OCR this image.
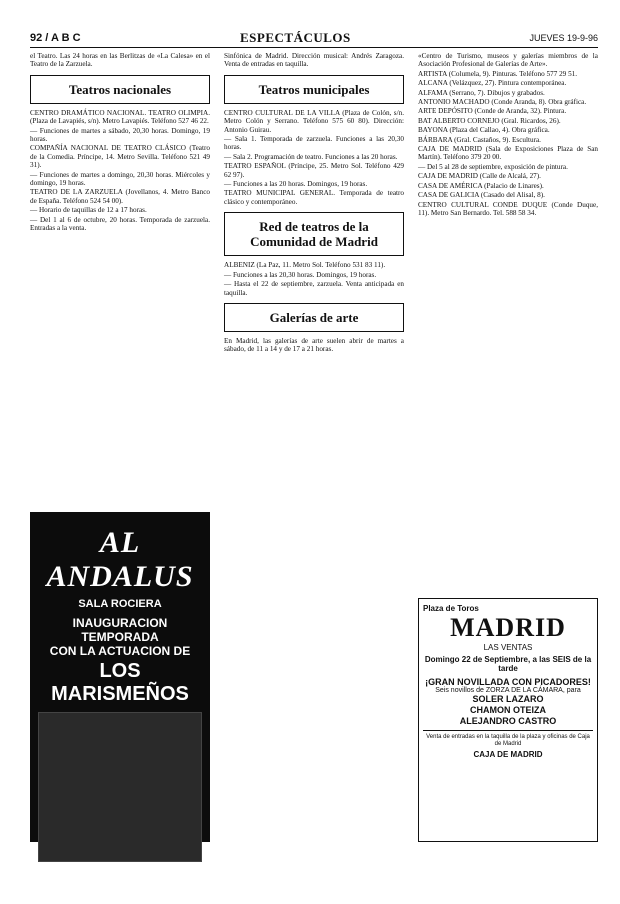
92 / A B C	ESPECTÁCULOS	JUEVES 19-9-96
el Teatro. Las 24 horas en las Berlitzas de «La Calesa» en el Teatro de la Zarzuela.
Teatros nacionales
CENTRO DRAMÁTICO NACIONAL. TEATRO OLIMPIA. (Plaza de Lavapiés, s/n). Metro Lavapiés. Teléfono 527 46 22.
— Funciones de martes a sábado, 20,30 horas. Domingo, 19 horas.
COMPAÑÍA NACIONAL DE TEATRO CLÁSICO (Teatro de la Comedia. Príncipe, 14. Metro Sevilla. Teléfono 521 49 31).
— Funciones de martes a domingo, 20,30 horas. Miércoles y domingo, 19 horas.
TEATRO DE LA ZARZUELA (Jovellanos, 4. Metro Banco de España. Teléfono 524 54 00).
— Horario de taquillas de 12 a 17 horas.
— Del 1 al 6 de octubre, 20 horas. Temporada de zarzuela. Entradas a la venta.
AL ANDALUS
SALA ROCIERA
INAUGURACION TEMPORADA
CON LA ACTUACION DE
LOS MARISMEÑOS
CAPITAN HAYA, 19
RESERVA DE MESAS ☎ 556 14 39
Sinfónica de Madrid. Dirección musical: Andrés Zaragoza. Venta de entradas en taquilla.
Teatros municipales
CENTRO CULTURAL DE LA VILLA (Plaza de Colón, s/n. Metro Colón y Serrano. Teléfono 575 60 80). Dirección: Antonio Guirau.
— Sala 1. Temporada de zarzuela. Funciones a las 20,30 horas.
— Sala 2. Programación de teatro. Funciones a las 20 horas.
TEATRO ESPAÑOL (Príncipe, 25. Metro Sol. Teléfono 429 62 97).
— Funciones a las 20 horas. Domingos, 19 horas.
TEATRO MUNICIPAL GENERAL. Temporada de teatro clásico y contemporáneo.
Red de teatros de la Comunidad de Madrid
ALBENIZ (La Paz, 11. Metro Sol. Teléfono 531 83 11).
— Funciones a las 20,30 horas. Domingos, 19 horas.
— Hasta el 22 de septiembre, zarzuela. Venta anticipada en taquilla.
Galerías de arte
En Madrid, las galerías de arte suelen abrir de martes a sábado, de 11 a 14 y de 17 a 21 horas.
«Centro de Turismo, museos y galerías miembros de la Asociación Profesional de Galerías de Arte».
ARTISTA (Columela, 9). Pinturas. Teléfono 577 29 51.
ALCANA (Velázquez, 27). Pintura contemporánea.
ALFAMA (Serrano, 7). Dibujos y grabados.
ANTONIO MACHADO (Conde Aranda, 8). Obra gráfica.
ARTE DEPÓSITO (Conde de Aranda, 32). Pintura.
BAT ALBERTO CORNEJO (Gral. Ricardos, 26).
BAYONA (Plaza del Callao, 4). Obra gráfica.
BÁRBARA (Gral. Castaños, 9). Escultura.
CAJA DE MADRID (Sala de Exposiciones Plaza de San Martín). Teléfono 379 20 00.
— Del 5 al 28 de septiembre, exposición de pintura.
CAJA DE MADRID (Calle de Alcalá, 27).
CASA DE AMÉRICA (Palacio de Linares).
CASA DE GALICIA (Casado del Alisal, 8).
CENTRO CULTURAL CONDE DUQUE (Conde Duque, 11). Metro San Bernardo. Tel. 588 58 34.
Plaza de Toros
MADRID
LAS VENTAS
Domingo 22 de Septiembre, a las SEIS de la tarde
¡GRAN NOVILLADA CON PICADORES!
Seis novillos de ZORZA DE LA CÁMARA, para
SOLER LAZARO
CHAMON OTEIZA
ALEJANDRO CASTRO
Venta de entradas en la taquilla de la plaza y oficinas de Caja de Madrid
CAJA DE MADRID
